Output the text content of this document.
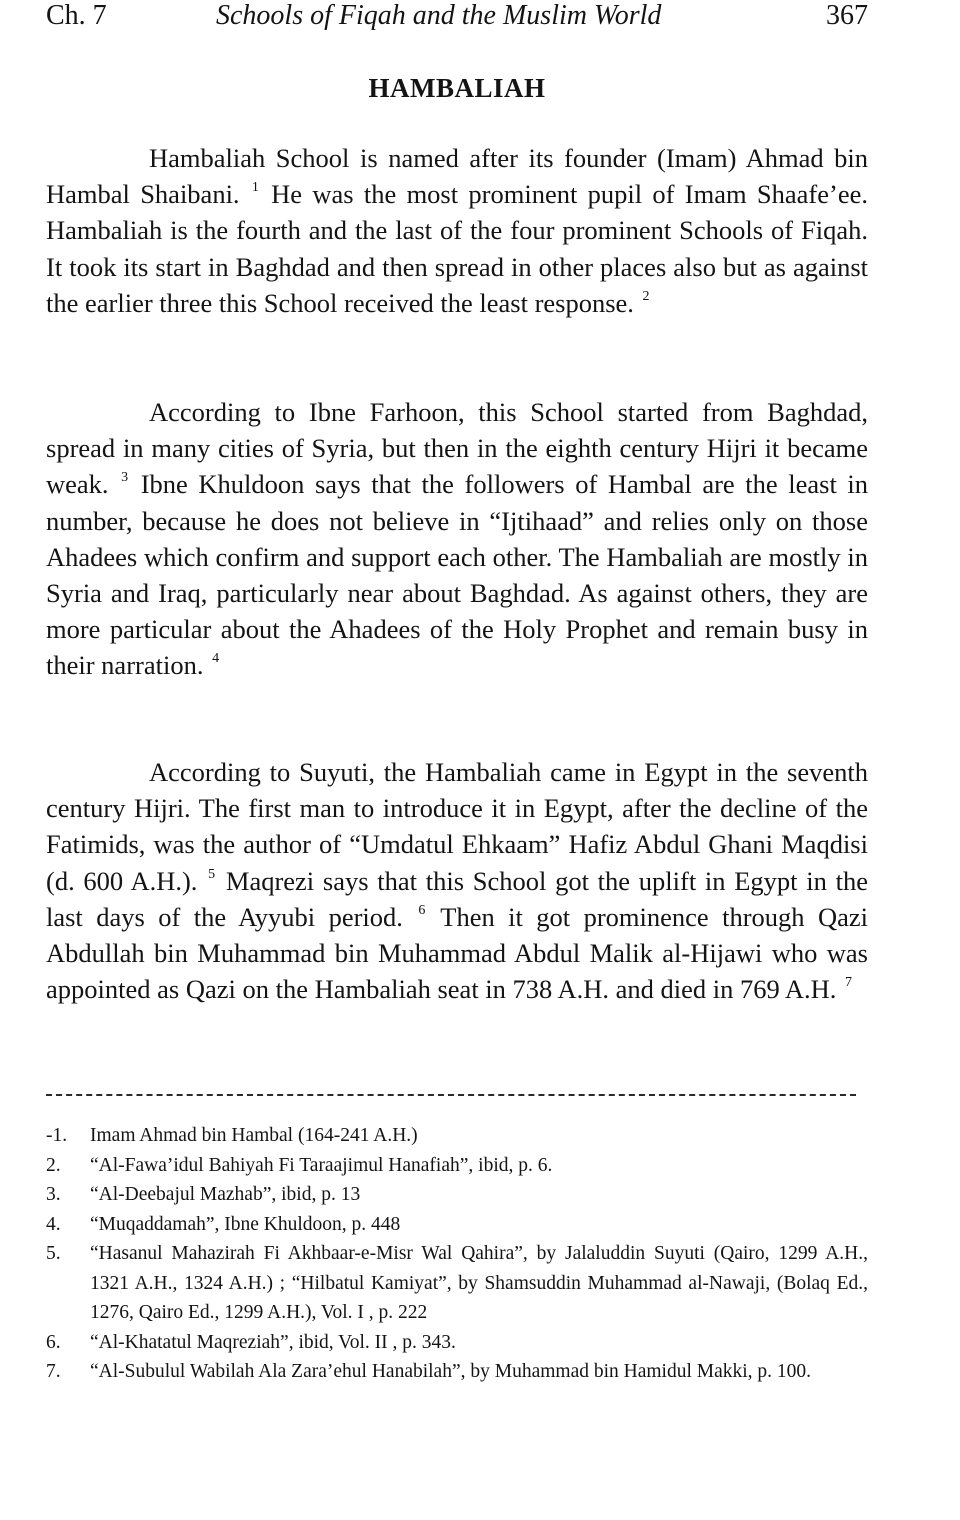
Ch. 7	Schools of Fiqah and the Muslim World	367
HAMBALIAH

Hambaliah School is named after its founder (Imam) Ahmad bin Hambal Shaibani. $^1$ He was the most prominent pupil of Imam Shaafe’ee. Hambaliah is the fourth and the last of the four prominent Schools of Fiqah. It took its start in Baghdad and then spread in other places also but as against the earlier three this School received the least response. $^2$

According to Ibne Farhoon, this School started from Baghdad, spread in many cities of Syria, but then in the eighth century Hijri it became weak. $^3$ Ibne Khuldoon says that the followers of Hambal are the least in number, because he does not believe in “Ijtihaad” and relies only on those Ahadees which confirm and support each other. The Hambaliah are mostly in Syria and Iraq, particularly near about Baghdad. As against others, they are more particular about the Ahadees of the Holy Prophet and remain busy in their narration. $^4$

According to Suyuti, the Hambaliah came in Egypt in the seventh century Hijri. The first man to introduce it in Egypt, after the decline of the Fatimids, was the author of “Umdatul Ehkaam” Hafiz Abdul Ghani Maqdisi (d. 600 A.H.). $^5$ Maqrezi says that this School got the uplift in Egypt in the last days of the Ayyubi period. $^6$ Then it got prominence through Qazi Abdullah bin Muhammad bin Muhammad Abdul Malik al-Hijawi who was appointed as Qazi on the Hambaliah seat in 738 A.H. and died in 769 A.H. $^7$

-1. Imam Ahmad bin Hambal (164-241 A.H.)
2. “Al-Fawa’idul Bahiyah Fi Taraajimul Hanafiah”, ibid, p. 6.
3. “Al-Deebajul Mazhab”, ibid, p. 13
4. “Muqaddamah”, Ibne Khuldoon, p. 448
5. “Hasanul Mahazirah Fi Akhbaar-e-Misr Wal Qahira”, by Jalaluddin Suyuti (Qairo, 1299 A.H., 1321 A.H., 1324 A.H.) ; “Hilbatul Kamiyat”, by Shamsuddin Muhammad al-Nawaji, (Bolaq Ed., 1276, Qairo Ed., 1299 A.H.), Vol. I , p. 222
6. “Al-Khatatul Maqreziah”, ibid, Vol. II , p. 343.
7. “Al-Subulul Wabilah Ala Zara’ehul Hanabilah”, by Muhammad bin Hamidul Makki, p. 100.
